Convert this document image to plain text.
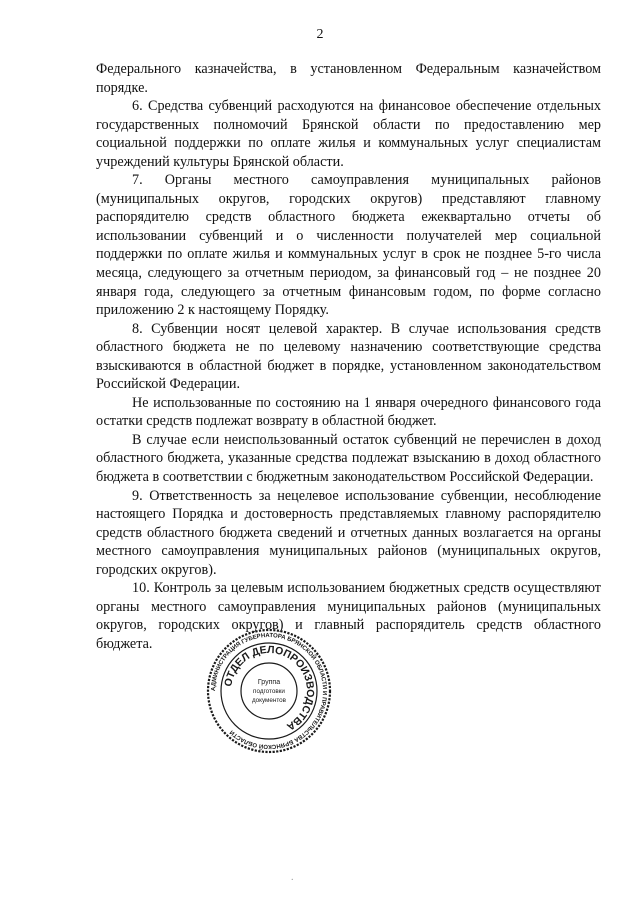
2

Федерального казначейства, в установленном Федеральным казначейством порядке.

6. Средства субвенций расходуются на финансовое обеспечение отдельных государственных полномочий Брянской области по предоставлению мер социальной поддержки по оплате жилья и коммунальных услуг специалистам учреждений культуры Брянской области.

7. Органы местного самоуправления муниципальных районов (муниципальных округов, городских округов) представляют главному распорядителю средств областного бюджета ежеквартально отчеты об использовании субвенций и о численности получателей мер социальной поддержки по оплате жилья и коммунальных услуг в срок не позднее 5-го числа месяца, следующего за отчетным периодом, за финансовый год – не позднее 20 января года, следующего за отчетным финансовым годом, по форме согласно приложению 2 к настоящему Порядку.

8. Субвенции носят целевой характер. В случае использования средств областного бюджета не по целевому назначению соответствующие средства взыскиваются в областной бюджет в порядке, установленном законодательством Российской Федерации.

Не использованные по состоянию на 1 января очередного финансового года остатки средств подлежат возврату в областной бюджет.

В случае если неиспользованный остаток субвенций не перечислен в доход областного бюджета, указанные средства подлежат взысканию в доход областного бюджета в соответствии с бюджетным законодательством Российской Федерации.

9. Ответственность за нецелевое использование субвенции, несоблюдение настоящего Порядка и достоверность представляемых главному распорядителю средств областного бюджета сведений и отчетных данных возлагается на органы местного самоуправления муниципальных районов (муниципальных округов, городских округов).

10. Контроль за целевым использованием бюджетных средств осуществляют органы местного самоуправления муниципальных районов (муниципальных округов, городских округов) и главный распорядитель средств областного бюджета.

АДМИНИСТРАЦИЯ ГУБЕРНАТОРА БРЯНСКОЙ ОБЛАСТИ И ПРАВИТЕЛЬСТВА БРЯНСКОЙ ОБЛАСТИ
ОТДЕЛ ДЕЛОПРОИЗВОДСТВА
Группа
подготовки
документов
.
